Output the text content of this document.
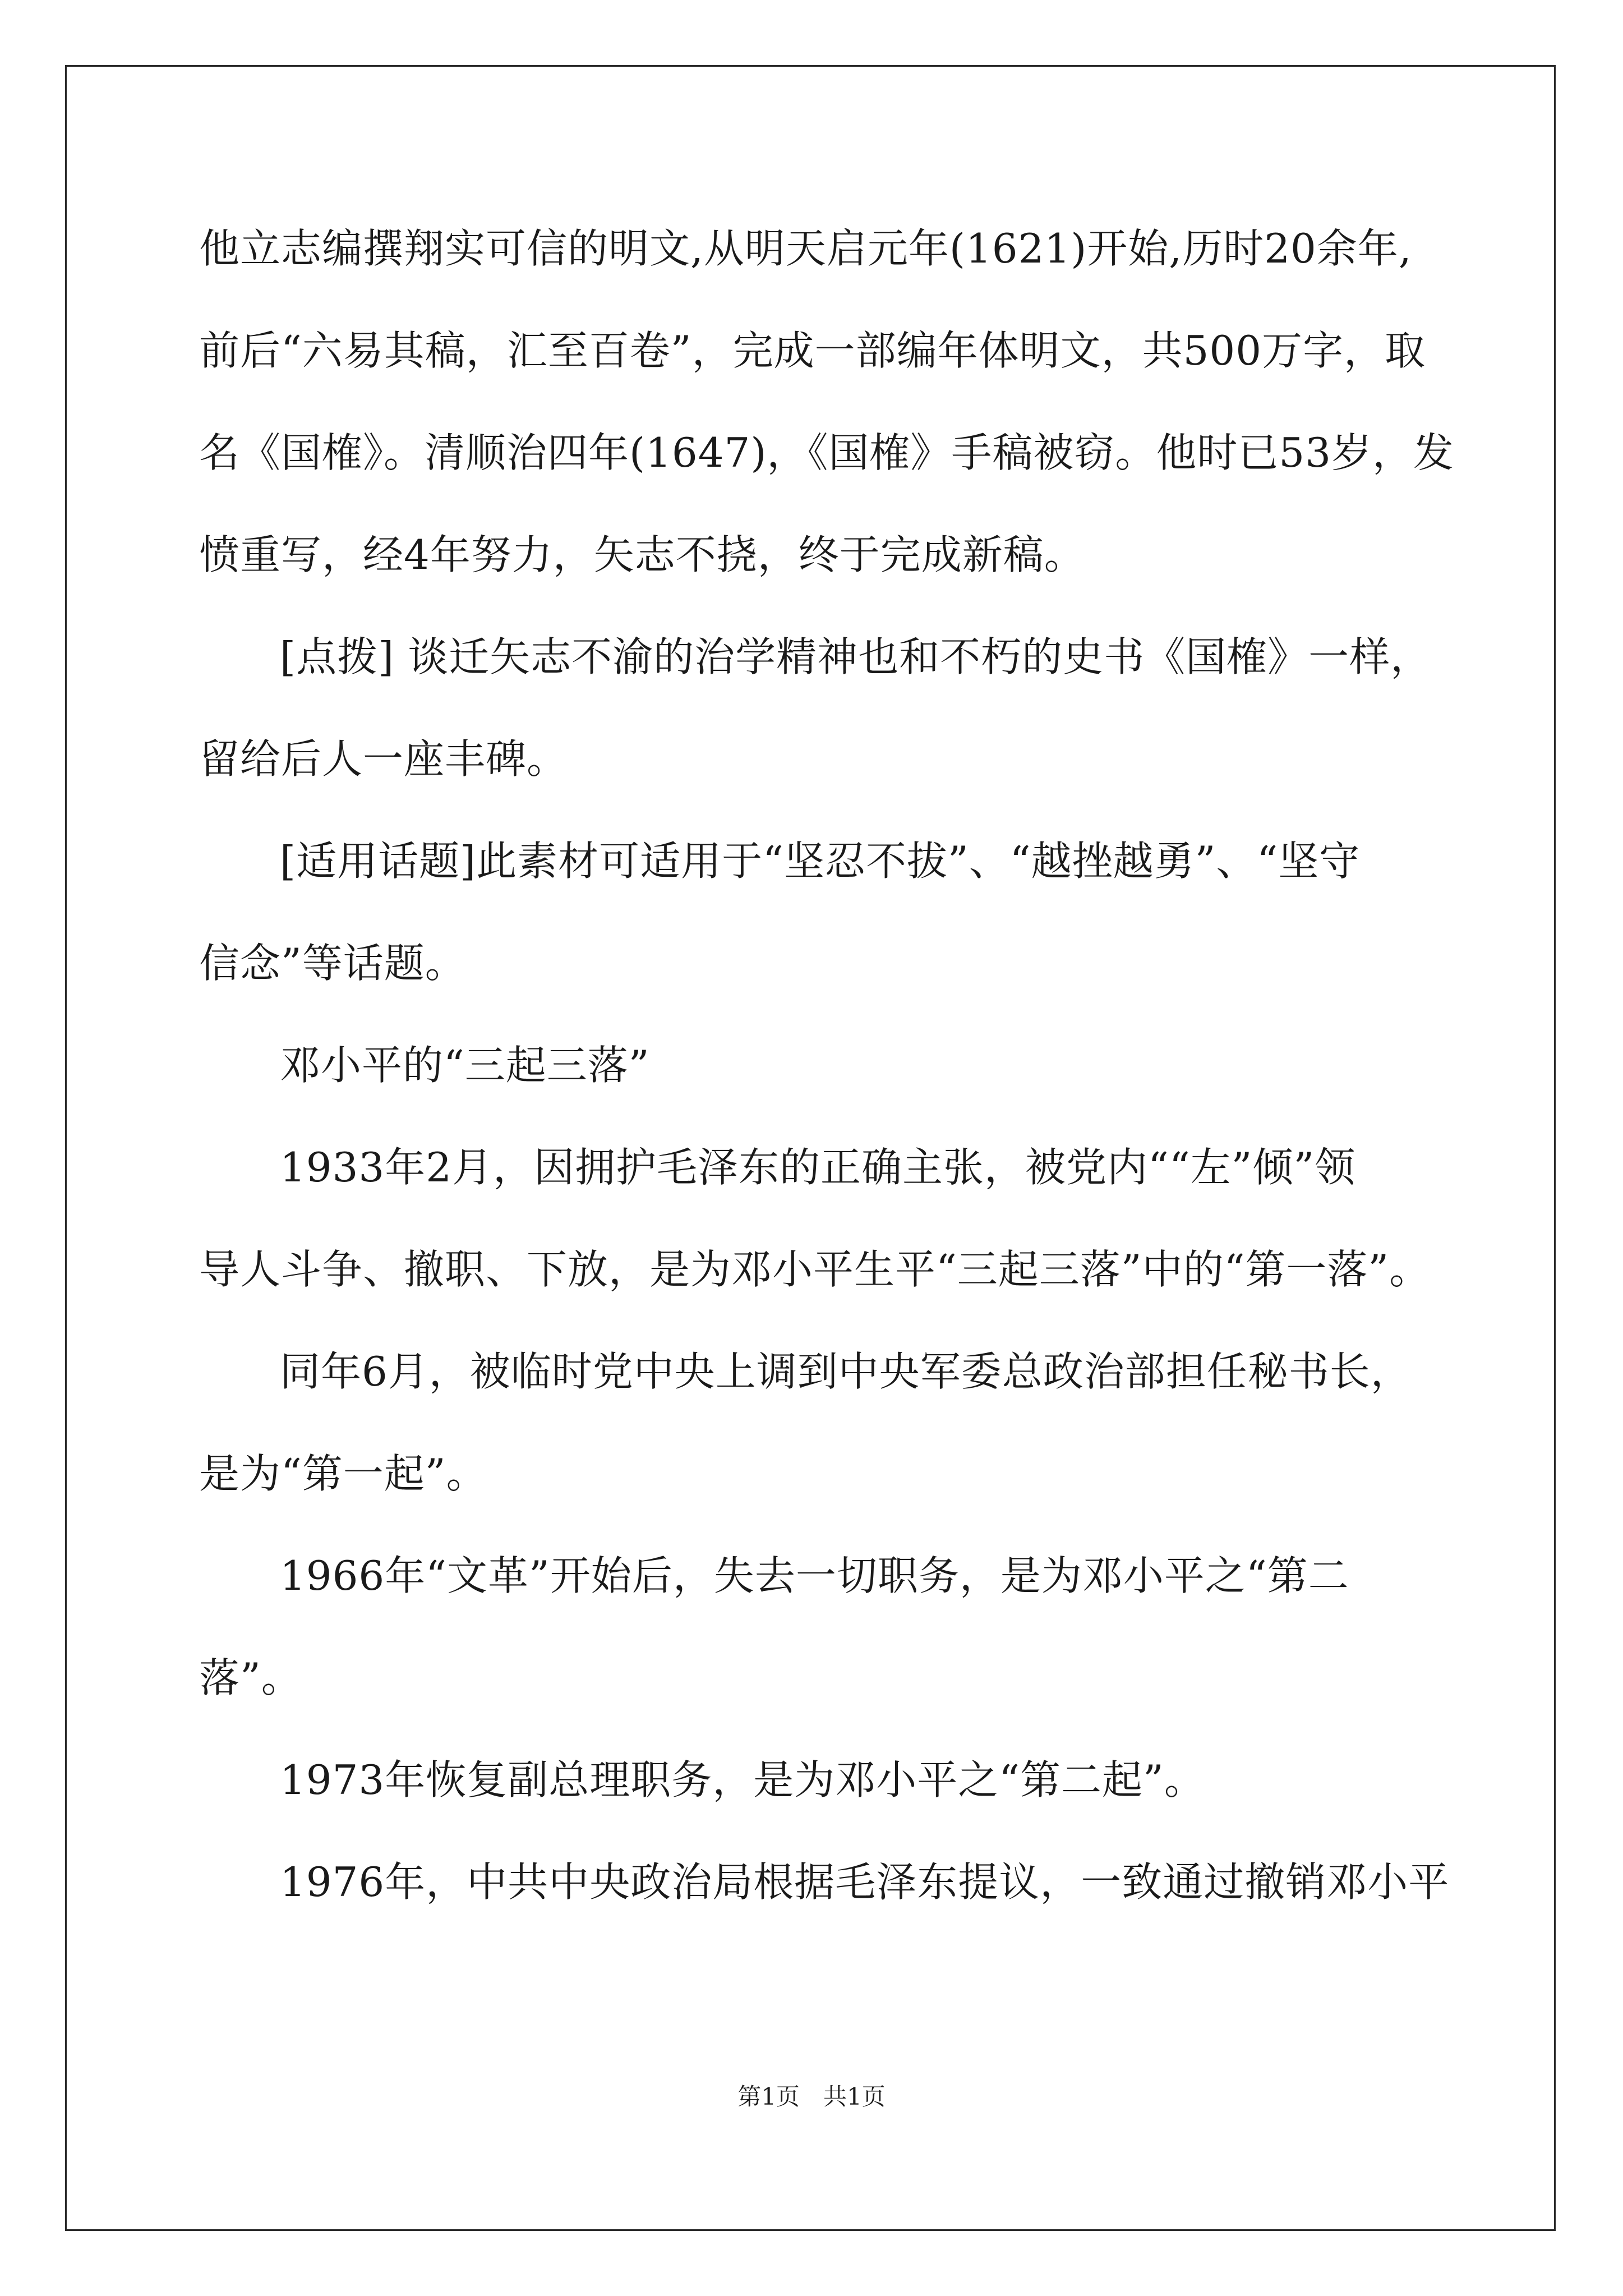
他立志编撰翔实可信的明文,从明天启元年(1621)开始,历时20余年,
前后“六易其稿，汇至百卷”，完成一部编年体明文，共500万字，取
名《国榷》。清顺治四年(1647)，《国榷》手稿被窃。他时已53岁，发
愤重写，经4年努力，矢志不挠，终于完成新稿。
[点拨] 谈迁矢志不渝的治学精神也和不朽的史书《国榷》一样，
留给后人一座丰碑。
[适用话题]此素材可适用于“坚忍不拔”、“越挫越勇”、“坚守
信念”等话题。
邓小平的“三起三落”
1933年2月，因拥护毛泽东的正确主张，被党内““左”倾”领
导人斗争、撤职、下放，是为邓小平生平“三起三落”中的“第一落”。
同年6月，被临时党中央上调到中央军委总政治部担任秘书长，
是为“第一起”。
1966年“文革”开始后，失去一切职务，是为邓小平之“第二
落”。
1973年恢复副总理职务，是为邓小平之“第二起”。
1976年，中共中央政治局根据毛泽东提议，一致通过撤销邓小平
第1页　共1页
